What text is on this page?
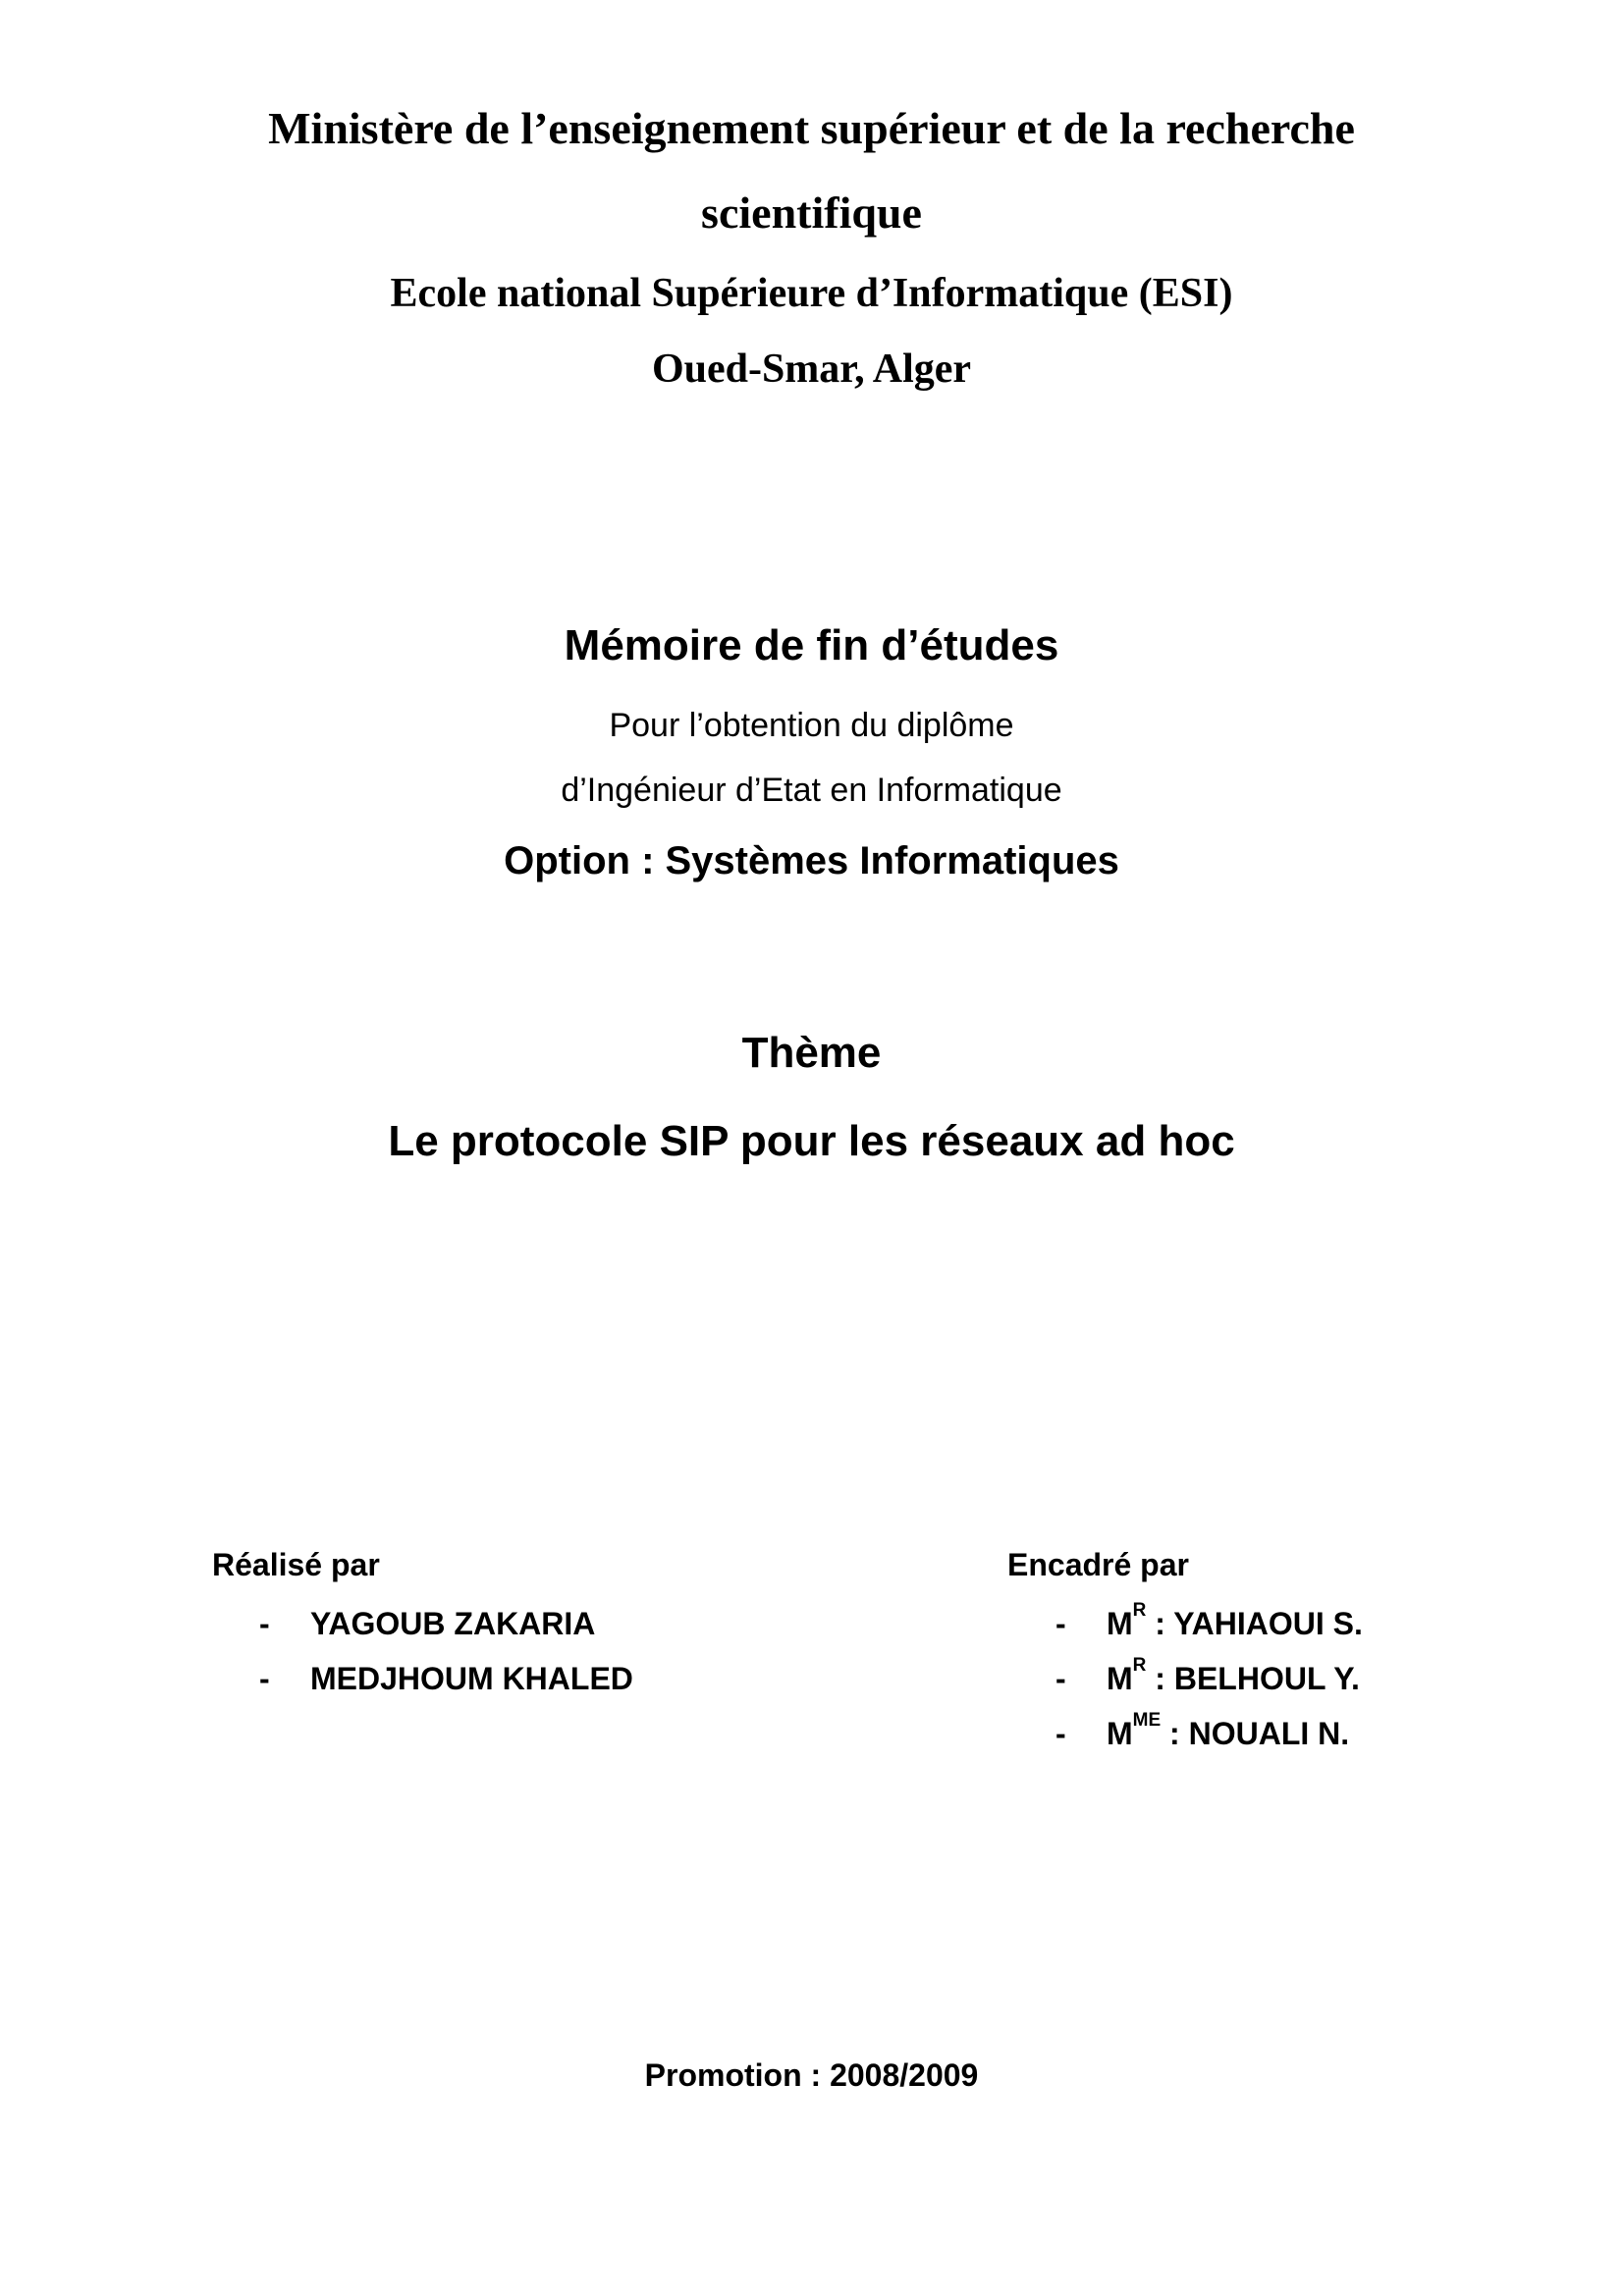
Ministère de l’enseignement supérieur et de la recherche
scientifique
Ecole national Supérieure d’Informatique (ESI)
Oued-Smar, Alger
Mémoire de fin d’études
Pour l’obtention du diplôme
d’Ingénieur d’Etat en Informatique
Option : Systèmes Informatiques
Thème
Le protocole SIP pour les réseaux ad hoc
Réalisé par
- YAGOUB ZAKARIA
- MEDJHOUM KHALED
Encadré par
- $M^R$ : YAHIAOUI S.
- $M^R$ : BELHOUL Y.
- $M^{ME}$ : NOUALI N.
Promotion : 2008/2009
